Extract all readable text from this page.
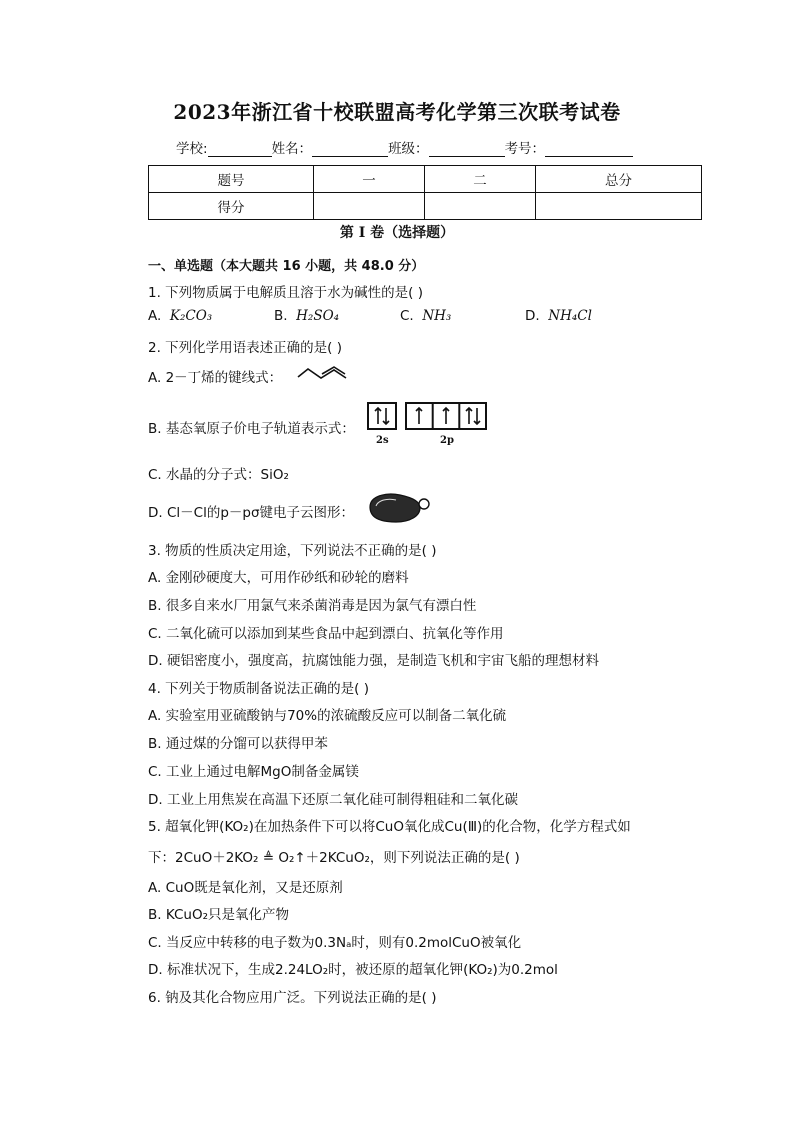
2023年浙江省十校联盟高考化学第三次联考试卷
学校:	姓名：	班级：	考号：
题号	一	二	总分
得分			
第 I 卷（选择题）
一、单选题（本大题共 16 小题，共 48.0 分）
1. 下列物质属于电解质且溶于水为碱性的是( )
A. K₂CO₃	B. H₂SO₄	C. NH₃	D. NH₄Cl
2. 下列化学用语表述正确的是( )
A. 2－丁烯的键线式：
B. 基态氧原子价电子轨道表示式：
2s	2p
C. 水晶的分子式：SiO₂
D. Cl－Cl的p－pσ键电子云图形：
3. 物质的性质决定用途，下列说法不正确的是( )
A. 金刚砂硬度大，可用作砂纸和砂轮的磨料
B. 很多自来水厂用氯气来杀菌消毒是因为氯气有漂白性
C. 二氧化硫可以添加到某些食品中起到漂白、抗氧化等作用
D. 硬铝密度小，强度高，抗腐蚀能力强，是制造飞机和宇宙飞船的理想材料
4. 下列关于物质制备说法正确的是( )
A. 实验室用亚硫酸钠与70%的浓硫酸反应可以制备二氧化硫
B. 通过煤的分馏可以获得甲苯
C. 工业上通过电解MgO制备金属镁
D. 工业上用焦炭在高温下还原二氧化硅可制得粗硅和二氧化碳
5. 超氧化钾(KO₂)在加热条件下可以将CuO氧化成Cu(Ⅲ)的化合物，化学方程式如
下：2CuO＋2KO₂ ≜ O₂↑＋2KCuO₂，则下列说法正确的是( )
A. CuO既是氧化剂，又是还原剂
B. KCuO₂只是氧化产物
C. 当反应中转移的电子数为0.3Nₐ时，则有0.2molCuO被氧化
D. 标准状况下，生成2.24LO₂时，被还原的超氧化钾(KO₂)为0.2mol
6. 钠及其化合物应用广泛。下列说法正确的是( )
